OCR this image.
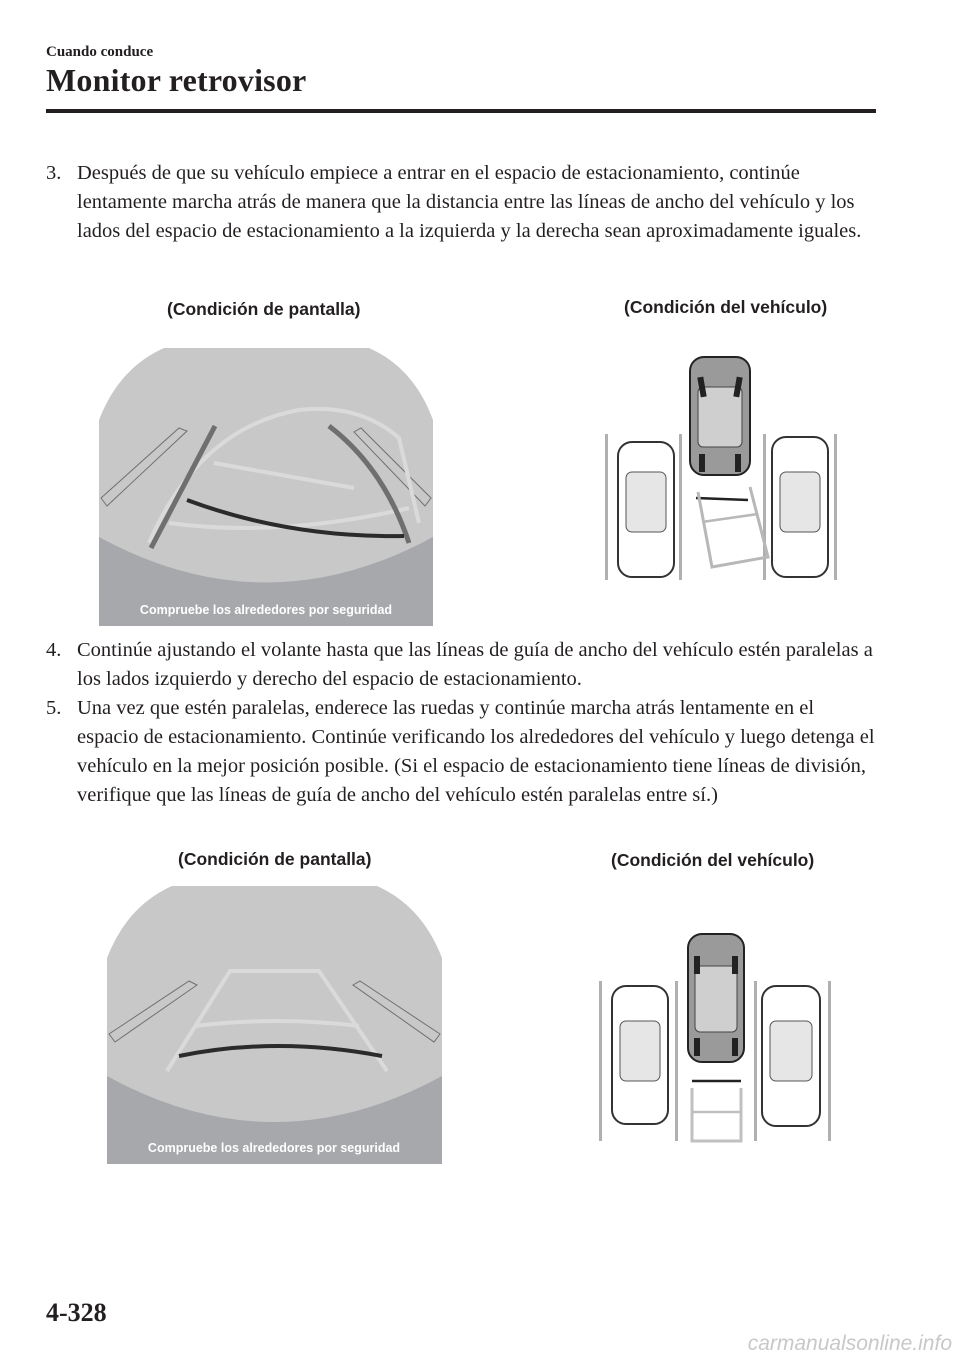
Cuando conduce
Monitor retrovisor
3. Después de que su vehículo empiece a entrar en el espacio de estacionamiento, continúe lentamente marcha atrás de manera que la distancia entre las líneas de ancho del vehículo y los lados del espacio de estacionamiento a la izquierda y la derecha sean aproximadamente iguales.
(Condición de pantalla)	(Condición del vehículo)
Compruebe los alrededores por seguridad
4. Continúe ajustando el volante hasta que las líneas de guía de ancho del vehículo estén paralelas a los lados izquierdo y derecho del espacio de estacionamiento.
5. Una vez que estén paralelas, enderece las ruedas y continúe marcha atrás lentamente en el espacio de estacionamiento. Continúe verificando los alrededores del vehículo y luego detenga el vehículo en la mejor posición posible. (Si el espacio de estacionamiento tiene líneas de división, verifique que las líneas de guía de ancho del vehículo estén paralelas entre sí.)
(Condición de pantalla)	(Condición del vehículo)
Compruebe los alrededores por seguridad
4-328
carmanualsonline.info
